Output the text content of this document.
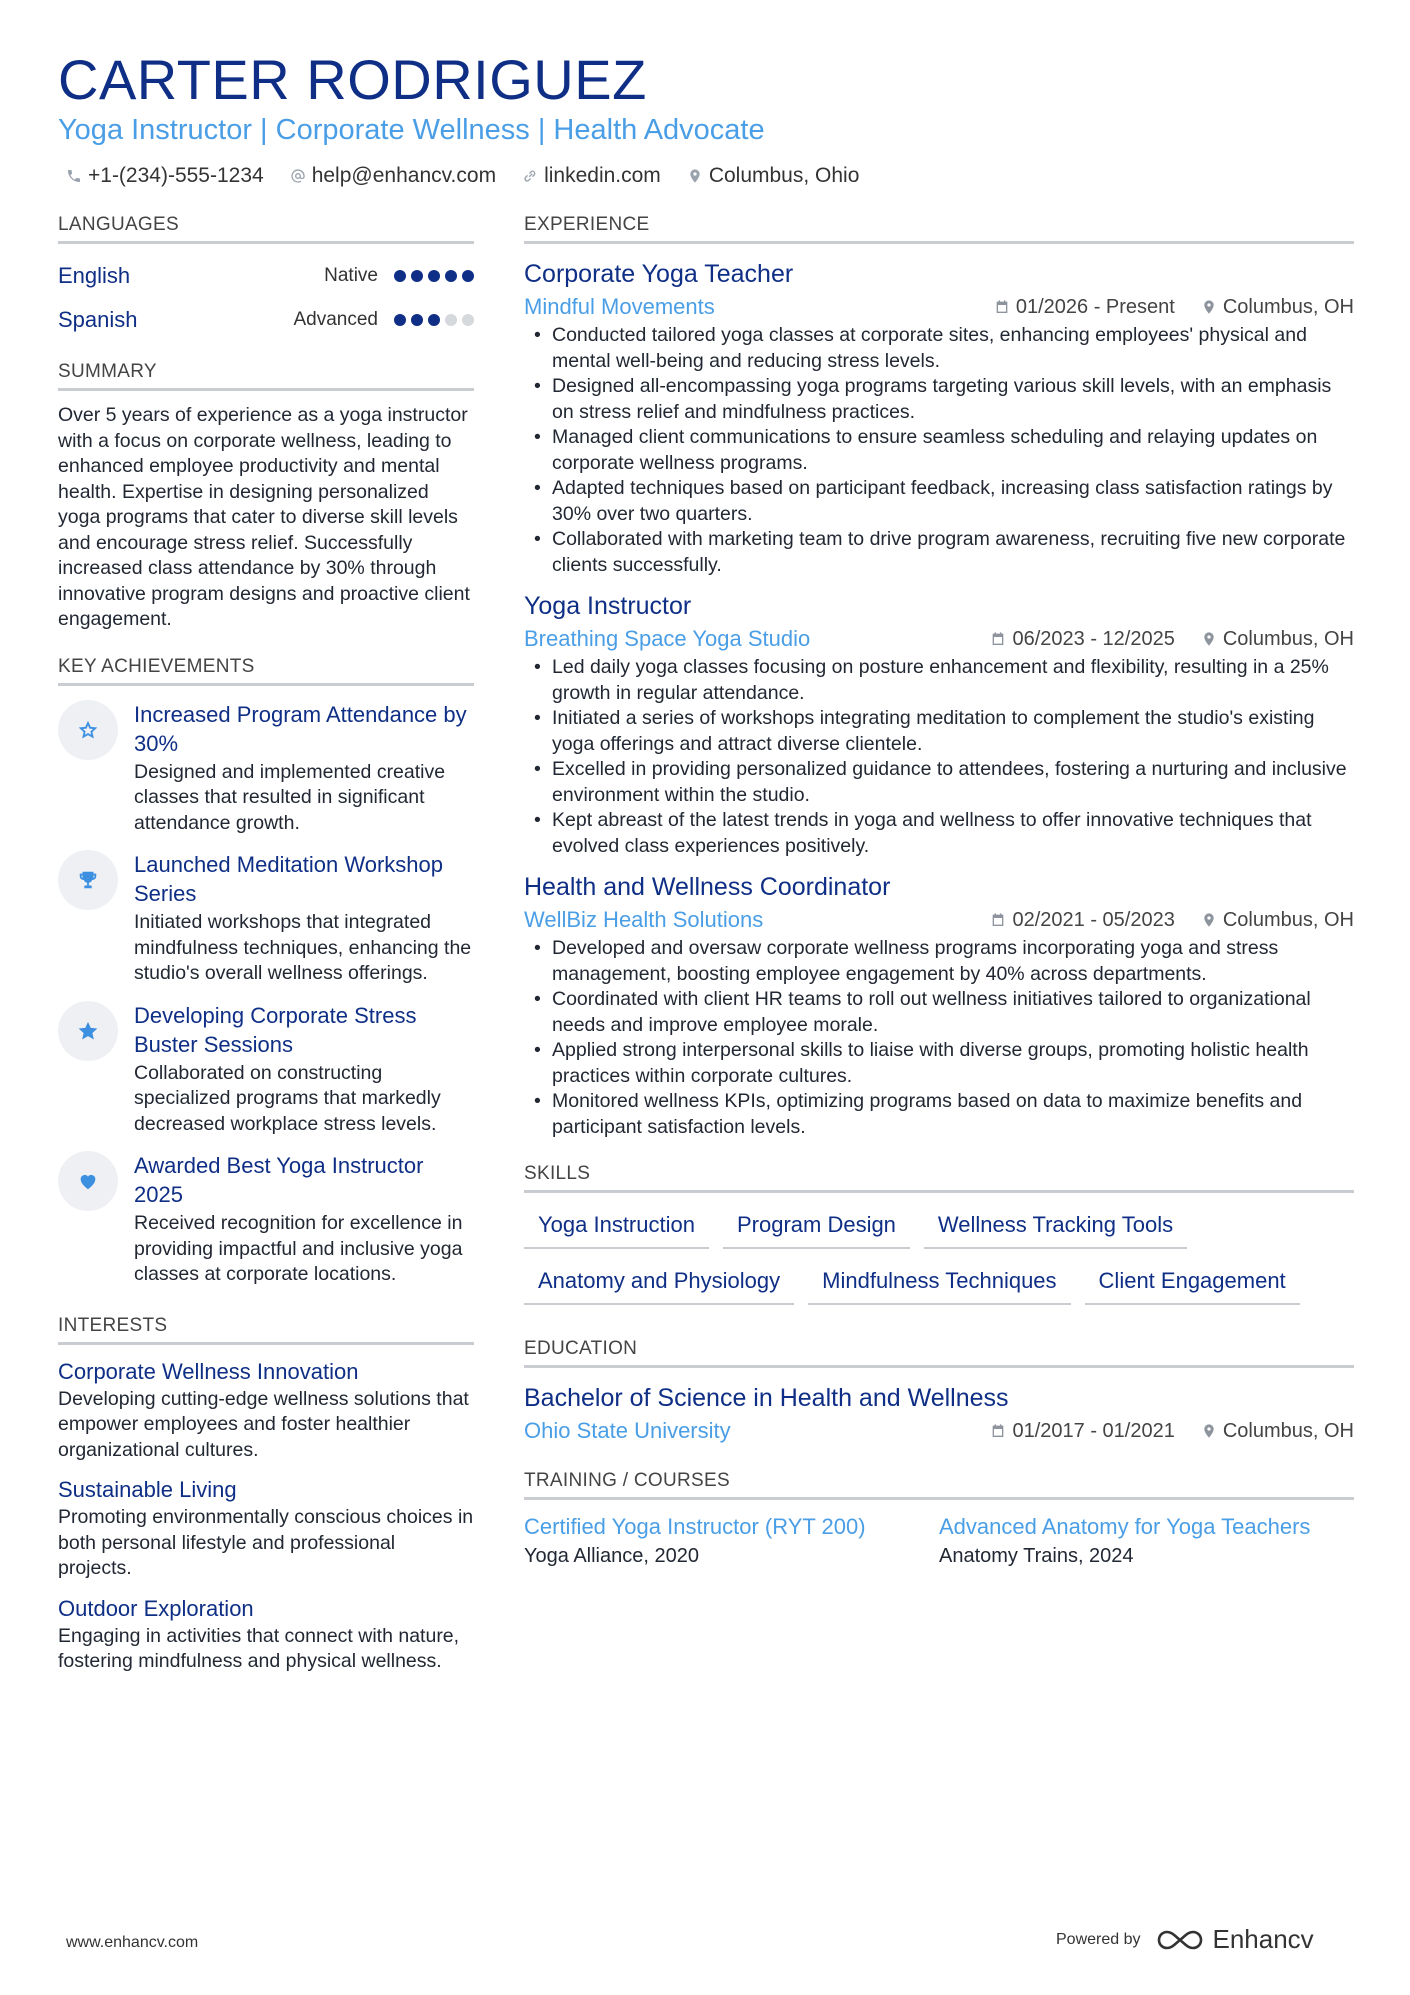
CARTER RODRIGUEZ
Yoga Instructor | Corporate Wellness | Health Advocate
+1-(234)-555-1234 help@enhancv.com linkedin.com Columbus, Ohio
LANGUAGES
English	Native
Spanish	Advanced
SUMMARY
Over 5 years of experience as a yoga instructor with a focus on corporate wellness, leading to enhanced employee productivity and mental health. Expertise in designing personalized yoga programs that cater to diverse skill levels and encourage stress relief. Successfully increased class attendance by 30% through innovative program designs and proactive client engagement.
KEY ACHIEVEMENTS
Increased Program Attendance by 30%
Designed and implemented creative classes that resulted in significant attendance growth.
Launched Meditation Workshop Series
Initiated workshops that integrated mindfulness techniques, enhancing the studio's overall wellness offerings.
Developing Corporate Stress Buster Sessions
Collaborated on constructing specialized programs that markedly decreased workplace stress levels.
Awarded Best Yoga Instructor 2025
Received recognition for excellence in providing impactful and inclusive yoga classes at corporate locations.
INTERESTS
Corporate Wellness Innovation
Developing cutting-edge wellness solutions that empower employees and foster healthier organizational cultures.
Sustainable Living
Promoting environmentally conscious choices in both personal lifestyle and professional projects.
Outdoor Exploration
Engaging in activities that connect with nature, fostering mindfulness and physical wellness.
EXPERIENCE
Corporate Yoga Teacher
Mindful Movements	01/2026 - Present Columbus, OH
• Conducted tailored yoga classes at corporate sites, enhancing employees' physical and mental well-being and reducing stress levels.
• Designed all-encompassing yoga programs targeting various skill levels, with an emphasis on stress relief and mindfulness practices.
• Managed client communications to ensure seamless scheduling and relaying updates on corporate wellness programs.
• Adapted techniques based on participant feedback, increasing class satisfaction ratings by 30% over two quarters.
• Collaborated with marketing team to drive program awareness, recruiting five new corporate clients successfully.
Yoga Instructor
Breathing Space Yoga Studio	06/2023 - 12/2025 Columbus, OH
• Led daily yoga classes focusing on posture enhancement and flexibility, resulting in a 25% growth in regular attendance.
• Initiated a series of workshops integrating meditation to complement the studio's existing yoga offerings and attract diverse clientele.
• Excelled in providing personalized guidance to attendees, fostering a nurturing and inclusive environment within the studio.
• Kept abreast of the latest trends in yoga and wellness to offer innovative techniques that evolved class experiences positively.
Health and Wellness Coordinator
WellBiz Health Solutions	02/2021 - 05/2023 Columbus, OH
• Developed and oversaw corporate wellness programs incorporating yoga and stress management, boosting employee engagement by 40% across departments.
• Coordinated with client HR teams to roll out wellness initiatives tailored to organizational needs and improve employee morale.
• Applied strong interpersonal skills to liaise with diverse groups, promoting holistic health practices within corporate cultures.
• Monitored wellness KPIs, optimizing programs based on data to maximize benefits and participant satisfaction levels.
SKILLS
Yoga Instruction	Program Design	Wellness Tracking Tools
Anatomy and Physiology	Mindfulness Techniques	Client Engagement
EDUCATION
Bachelor of Science in Health and Wellness
Ohio State University	01/2017 - 01/2021 Columbus, OH
TRAINING / COURSES
Certified Yoga Instructor (RYT 200)
Yoga Alliance, 2020
Advanced Anatomy for Yoga Teachers
Anatomy Trains, 2024
www.enhancv.com	Powered by	Enhancv
